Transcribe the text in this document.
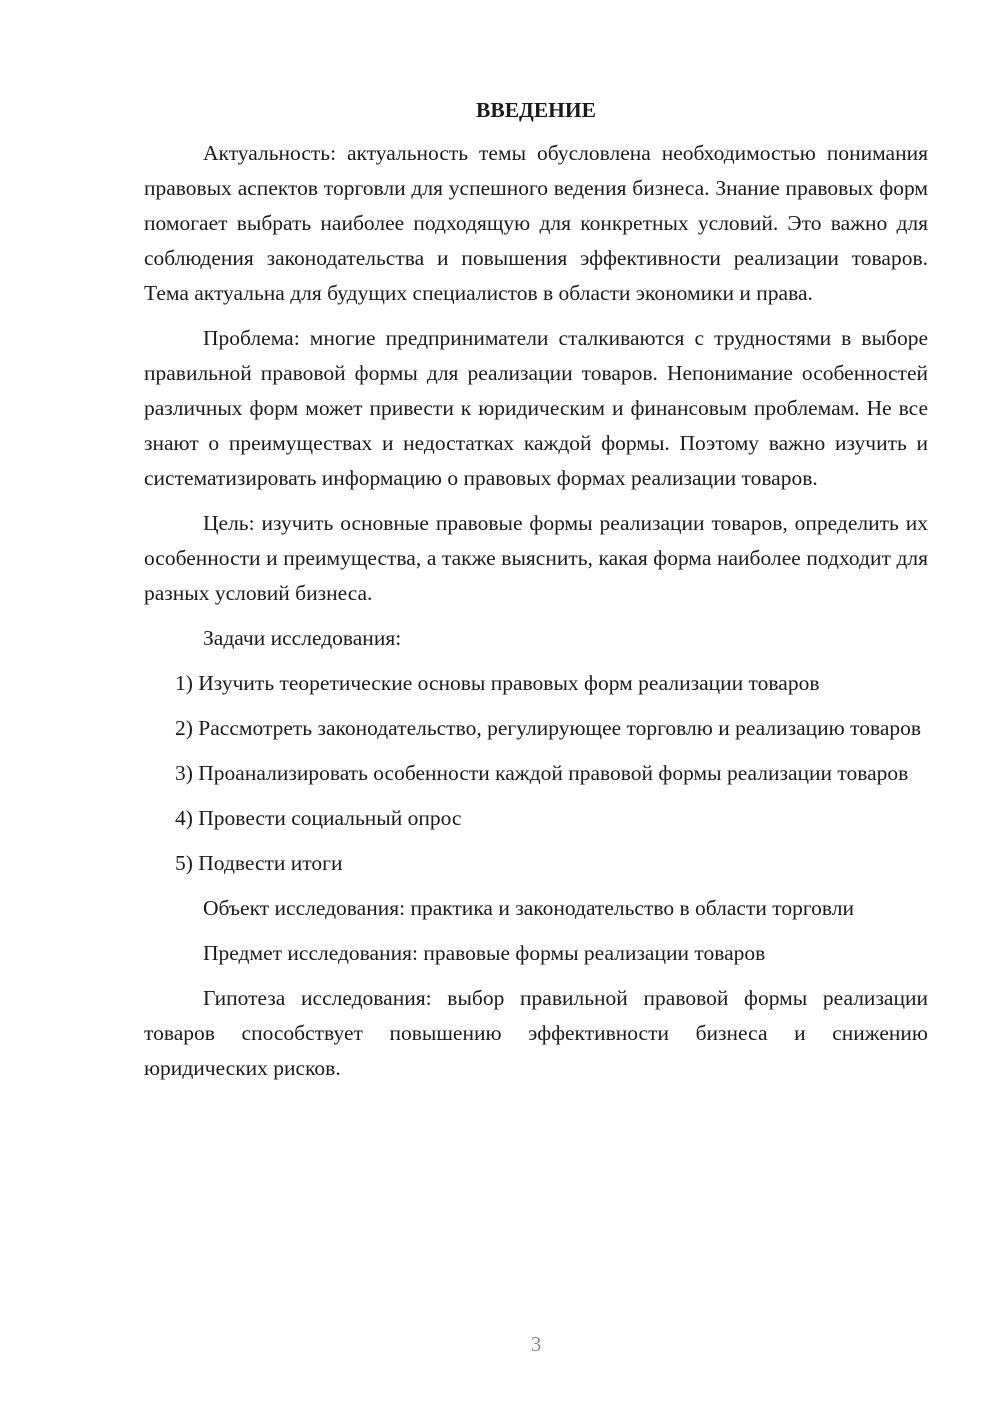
ВВЕДЕНИЕ

Актуальность: актуальность темы обусловлена необходимостью понимания правовых аспектов торговли для успешного ведения бизнеса. Знание правовых форм помогает выбрать наиболее подходящую для конкретных условий. Это важно для соблюдения законодательства и повышения эффективности реализации товаров. Тема актуальна для будущих специалистов в области экономики и права.

Проблема: многие предприниматели сталкиваются с трудностями в выборе правильной правовой формы для реализации товаров. Непонимание особенностей различных форм может привести к юридическим и финансовым проблемам. Не все знают о преимуществах и недостатках каждой формы. Поэтому важно изучить и систематизировать информацию о правовых формах реализации товаров.

Цель: изучить основные правовые формы реализации товаров, определить их особенности и преимущества, а также выяснить, какая форма наиболее подходит для разных условий бизнеса.

Задачи исследования:

1) Изучить теоретические основы правовых форм реализации товаров

2) Рассмотреть законодательство, регулирующее торговлю и реализацию товаров

3) Проанализировать особенности каждой правовой формы реализации товаров

4) Провести социальный опрос

5) Подвести итоги

Объект исследования: практика и законодательство в области торговли

Предмет исследования: правовые формы реализации товаров

Гипотеза исследования: выбор правильной правовой формы реализации товаров способствует повышению эффективности бизнеса и снижению юридических рисков.

3
